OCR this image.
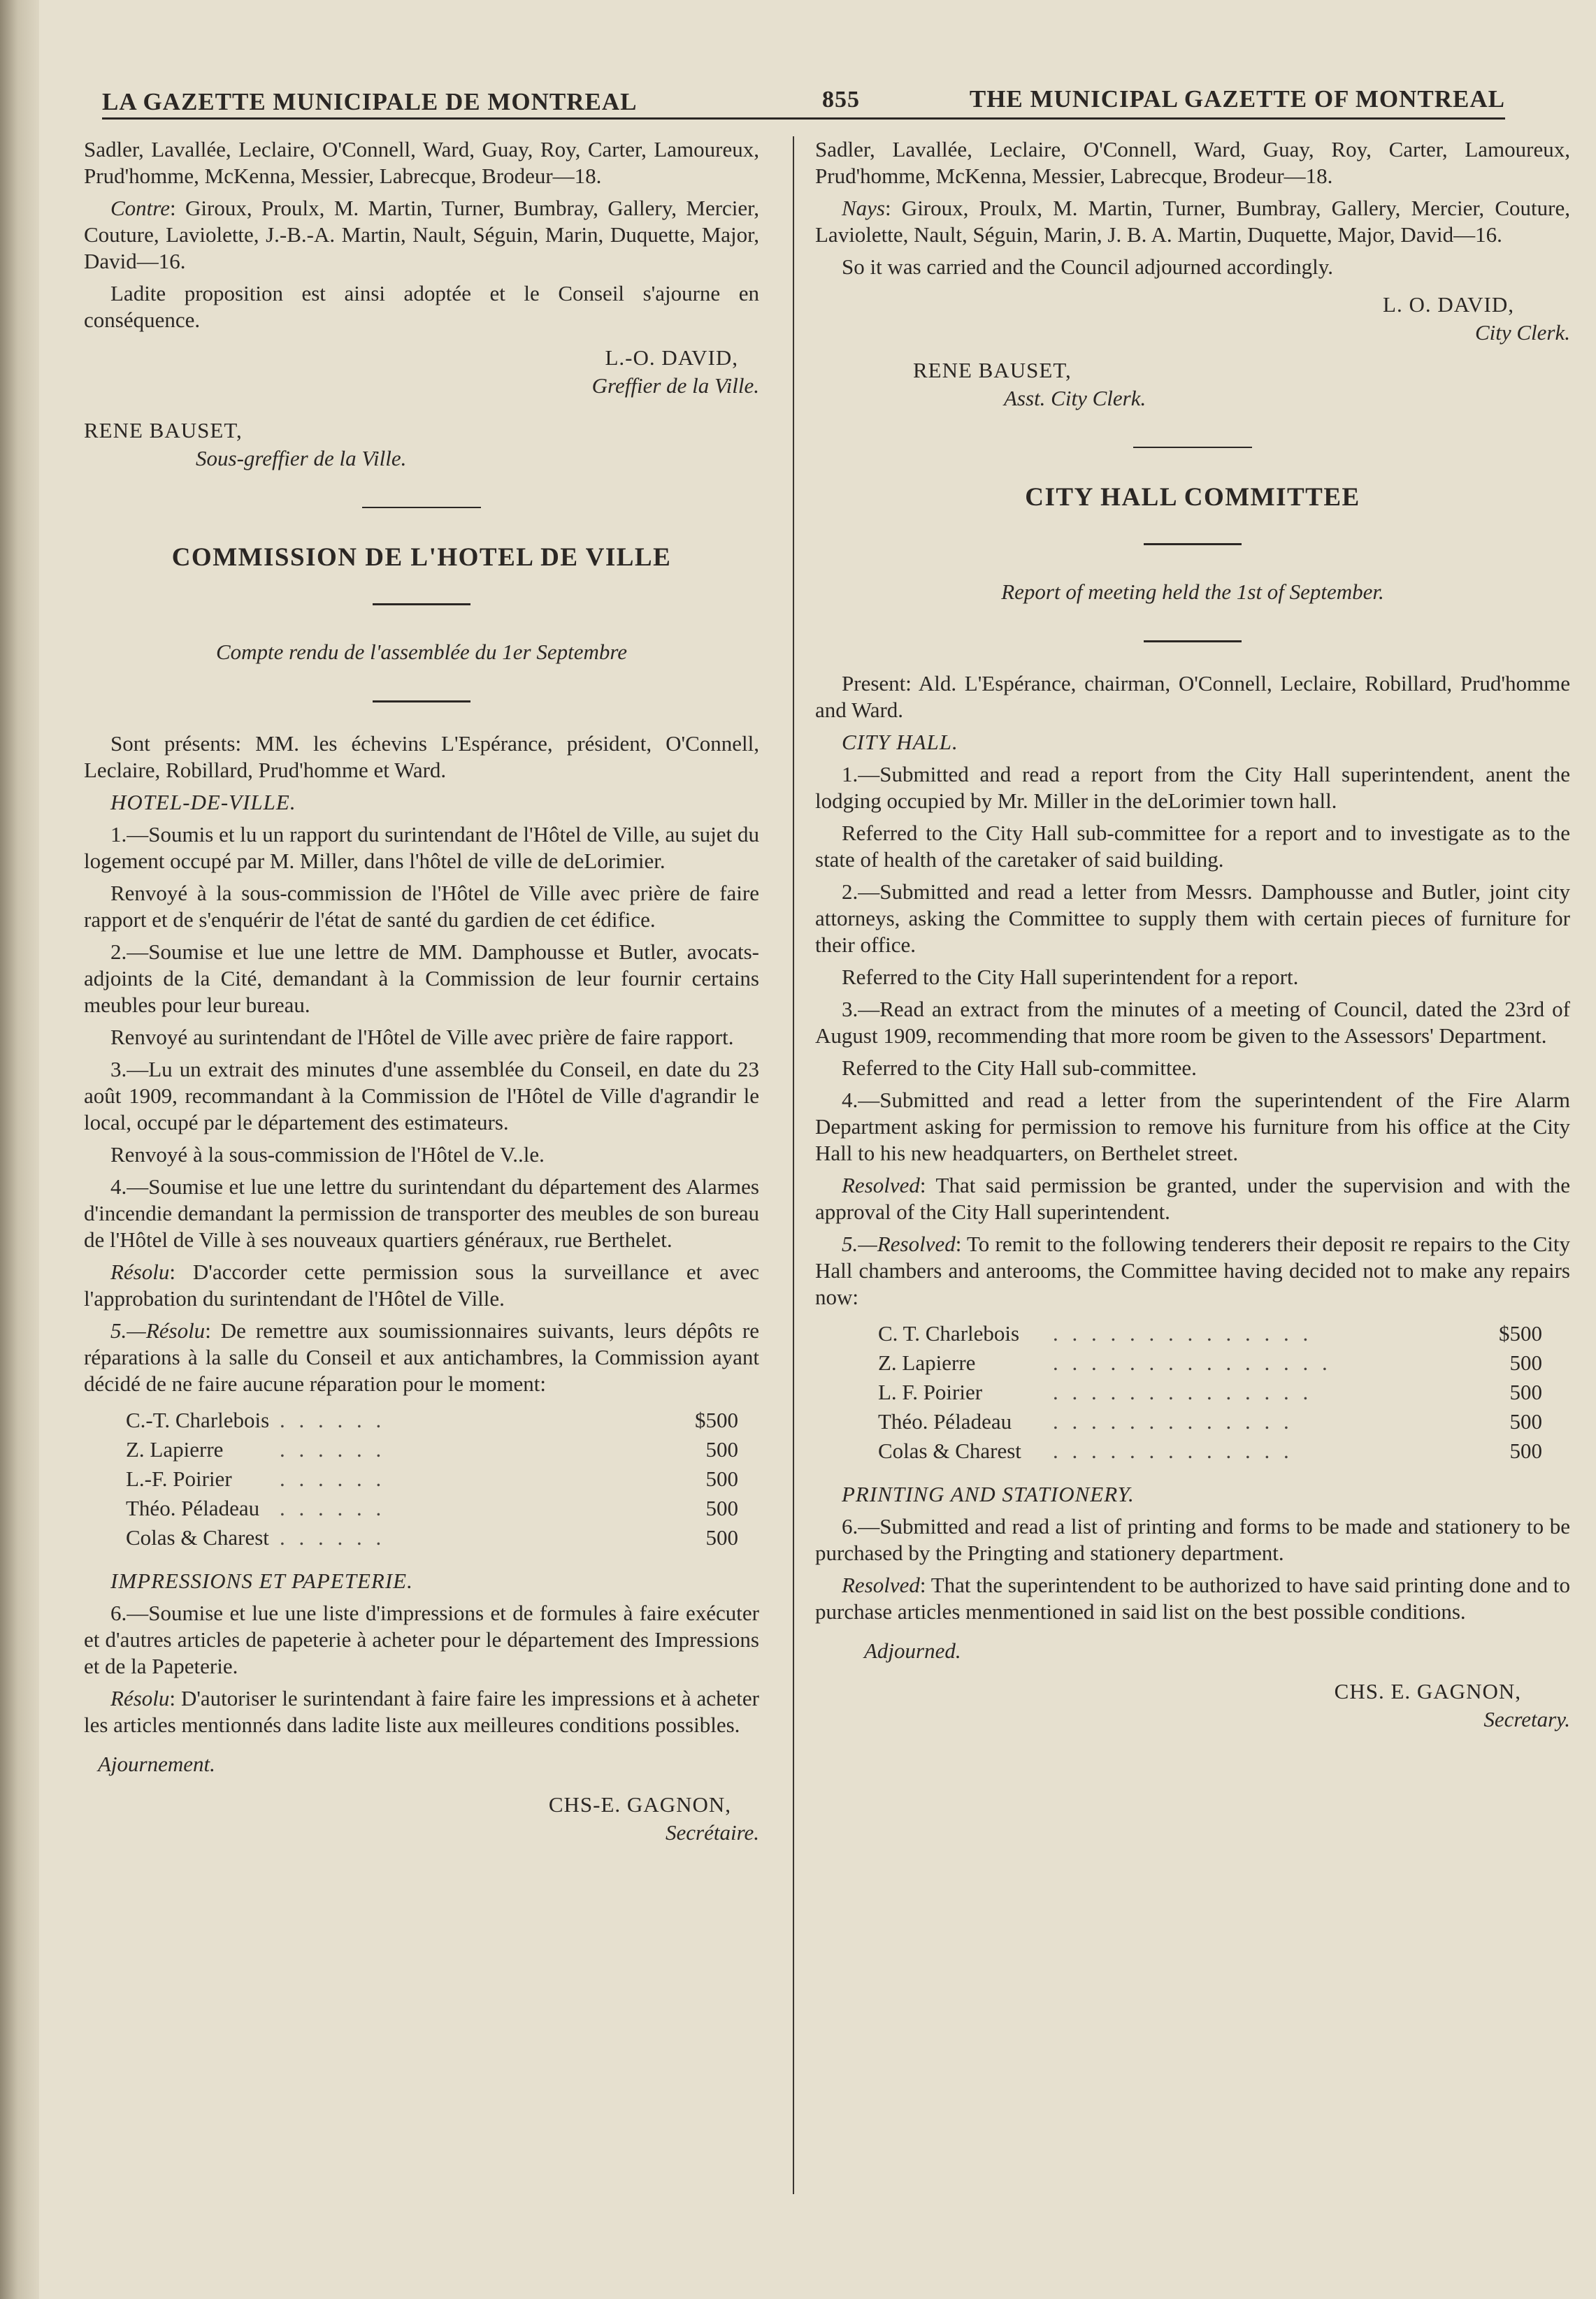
LA GAZETTE MUNICIPALE DE MONTREAL	855	THE MUNICIPAL GAZETTE OF MONTREAL

Sadler, Lavallée, Leclaire, O'Connell, Ward, Guay, Roy, Carter, Lamoureux, Prud'homme, McKenna, Messier, Labrecque, Brodeur—18.

Contre: Giroux, Proulx, M. Martin, Turner, Bumbray, Gallery, Mercier, Couture, Laviolette, J.-B.-A. Martin, Nault, Séguin, Marin, Duquette, Major, David—16.

Ladite proposition est ainsi adoptée et le Conseil s'ajourne en conséquence.

L.-O. DAVID,
Greffier de la Ville.
RENE BAUSET,
Sous-greffier de la Ville.
COMMISSION DE L'HOTEL DE VILLE
Compte rendu de l'assemblée du 1er Septembre

Sont présents: MM. les échevins L'Espérance, président, O'Connell, Leclaire, Robillard, Prud'homme et Ward.

HOTEL-DE-VILLE.

1.—Soumis et lu un rapport du surintendant de l'Hôtel de Ville, au sujet du logement occupé par M. Miller, dans l'hôtel de ville de deLorimier.

Renvoyé à la sous-commission de l'Hôtel de Ville avec prière de faire rapport et de s'enquérir de l'état de santé du gardien de cet édifice.

2.—Soumise et lue une lettre de MM. Damphousse et Butler, avocats-adjoints de la Cité, demandant à la Commission de leur fournir certains meubles pour leur bureau.

Renvoyé au surintendant de l'Hôtel de Ville avec prière de faire rapport.

3.—Lu un extrait des minutes d'une assemblée du Conseil, en date du 23 août 1909, recommandant à la Commission de l'Hôtel de Ville d'agrandir le local, occupé par le département des estimateurs.

Renvoyé à la sous-commission de l'Hôtel de V..le.

4.—Soumise et lue une lettre du surintendant du département des Alarmes d'incendie demandant la permission de transporter des meubles de son bureau de l'Hôtel de Ville à ses nouveaux quartiers généraux, rue Berthelet.

Résolu: D'accorder cette permission sous la surveillance et avec l'approbation du surintendant de l'Hôtel de Ville.

5.—Résolu: De remettre aux soumissionnaires suivants, leurs dépôts re réparations à la salle du Conseil et aux antichambres, la Commission ayant décidé de ne faire aucune réparation pour le moment:

C.-T. Charlebois	. . . . . .	$500
Z. Lapierre	. . . . . .	500
L.-F. Poirier	. . . . . .	500
Théo. Péladeau	. . . . . .	500
Colas & Charest	. . . . . .	500

IMPRESSIONS ET PAPETERIE.

6.—Soumise et lue une liste d'impressions et de formules à faire exécuter et d'autres articles de papeterie à acheter pour le département des Impressions et de la Papeterie.

Résolu: D'autoriser le surintendant à faire faire les impressions et à acheter les articles mentionnés dans ladite liste aux meilleures conditions possibles.

Ajournement.
CHS-E. GAGNON,
Secrétaire.

Sadler, Lavallée, Leclaire, O'Connell, Ward, Guay, Roy, Carter, Lamoureux, Prud'homme, McKenna, Messier, Labrecque, Brodeur—18.

Nays: Giroux, Proulx, M. Martin, Turner, Bumbray, Gallery, Mercier, Couture, Laviolette, Nault, Séguin, Marin, J. B. A. Martin, Duquette, Major, David—16.

So it was carried and the Council adjourned accordingly.

L. O. DAVID,
City Clerk.
RENE BAUSET,
Asst. City Clerk.
CITY HALL COMMITTEE
Report of meeting held the 1st of September.

Present: Ald. L'Espérance, chairman, O'Connell, Leclaire, Robillard, Prud'homme and Ward.

CITY HALL.

1.—Submitted and read a report from the City Hall superintendent, anent the lodging occupied by Mr. Miller in the deLorimier town hall.

Referred to the City Hall sub-committee for a report and to investigate as to the state of health of the caretaker of said building.

2.—Submitted and read a letter from Messrs. Damphousse and Butler, joint city attorneys, asking the Committee to supply them with certain pieces of furniture for their office.

Referred to the City Hall superintendent for a report.

3.—Read an extract from the minutes of a meeting of Council, dated the 23rd of August 1909, recommending that more room be given to the Assessors' Department.

Referred to the City Hall sub-committee.

4.—Submitted and read a letter from the superintendent of the Fire Alarm Department asking for permission to remove his furniture from his office at the City Hall to his new headquarters, on Berthelet street.

Resolved: That said permission be granted, under the supervision and with the approval of the City Hall superintendent.

5.—Resolved: To remit to the following tenderers their deposit re repairs to the City Hall chambers and anterooms, the Committee having decided not to make any repairs now:

C. T. Charlebois	. . . . . . . . . . . . . .	$500
Z. Lapierre	. . . . . . . . . . . . . . .	500
L. F. Poirier	. . . . . . . . . . . . . .	500
Théo. Péladeau	. . . . . . . . . . . . .	500
Colas & Charest	. . . . . . . . . . . . .	500

PRINTING AND STATIONERY.

6.—Submitted and read a list of printing and forms to be made and stationery to be purchased by the Pringting and stationery department.

Resolved: That the superintendent to be authorized to have said printing done and to purchase articles menmentioned in said list on the best possible conditions.

Adjourned.
CHS. E. GAGNON,
Secretary.
